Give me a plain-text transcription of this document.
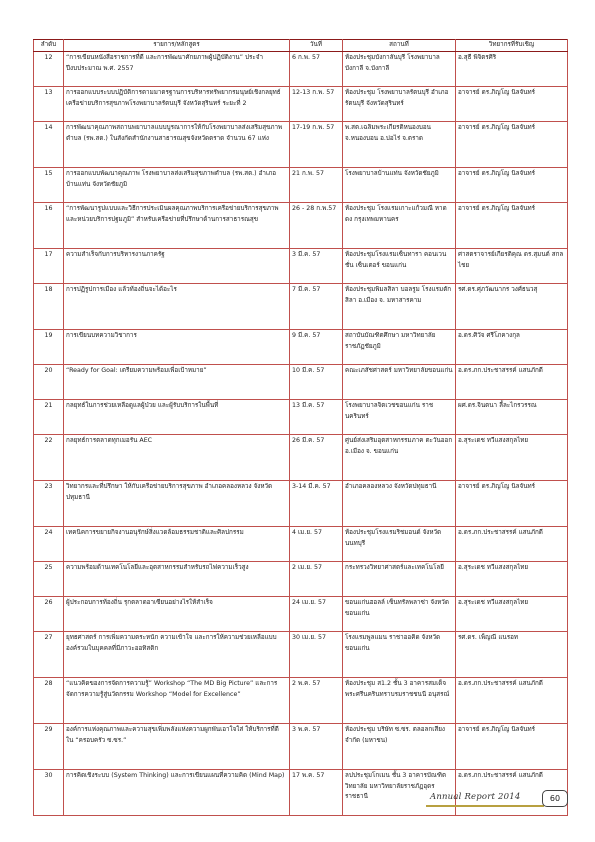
ลำดับ	รายการ/หลักสูตร	วันที่	สถานที่	วิทยากรที่รับเชิญ
12	“การเขียนหนังสือราชการที่ดี และการพัฒนาศักยภาพผู้ปฏิบัติงาน” ประจำปีงบประมาณ พ.ศ. 2557	6 ก.พ. 57	ห้องประชุมบังกาลันบุรี โรงพยาบาลบังกาลี จ.บังกาลี	อ.สุธี พิจิตรศิริ
13	การออกแบบระบบปฏิบัติการตามมาตรฐานการบริหารทรัพยากรมนุษย์เชิงกลยุทธ์ เครือข่ายบริการสุขภาพโรงพยาบาลรัตนบุรี จังหวัดสุรินทร์ ระยะที่ 2	12-13 ก.พ. 57	ห้องประชุม โรงพยาบาลรัตนบุรี อำเภอรัตนบุรี จังหวัดสุรินทร์	อาจารย์ ดร.ภิญโญ นิลจันทร์
14	การพัฒนาคุณภาพสถานพยาบาลแบบบูรณาการให้กับโรงพยาบาลส่งเสริมสุขภาพตำบล (รพ.สต.) ในสังกัดสำนักงานสาธารณสุขจังหวัดตราด จำนวน 67 แห่ง	17-19 ก.พ. 57	พ.สต.เฉลิมพระเกียรติหนองบอน จ.หนองบอน อ.บ่อไร่ จ.ตราด	อาจารย์ ดร.ภิญโญ นิลจันทร์
15	การออกแบบพัฒนาคุณภาพ โรงพยาบาลส่งเสริมสุขภาพตำบล (รพ.สต.) อำเภอบ้านแท่น จังหวัดชัยภูมิ	21 ก.พ. 57	โรงพยาบาลบ้านแท่น จังหวัดชัยภูมิ	อาจารย์ ดร.ภิญโญ นิลจันทร์
16	“การพัฒนารูปแบบและวิธีการประเมินผลคุณภาพบริการเครือข่ายบริการสุขภาพและหน่วยบริการปฐมภูมิ” สำหรับเครือข่ายที่ปรึกษาด้านการสาธารณสุข	26 - 28 ก.พ.57	ห้องประชุม โรงแรมเกาะแก้วมณี หาดดง กรุงเทพมหานคร	อาจารย์ ดร.ภิญโญ นิลจันทร์
17	ความสำเร็จกับการบริหารงานภาครัฐ	3 มี.ค. 57	ห้องประชุมโรงแรมเซ็นทารา คอนเวนชั่น เซ็นเตอร์ ขอนแก่น	ศาสตราจารย์เกียรติคุณ ดร.สุมนต์ สกลไชย
18	การปฏิรูปการเมือง แล้วท้องถิ่นจะได้อะไร	7 มี.ค. 57	ห้องประชุมพิมลสิลา บอลรูม โรงแรมตักสิลา อ.เมือง จ. มหาสารคาม	รศ.ดร.ศุภวัฒนากร วงศ์ธนวสุ
19	การเขียนบทความวิชาการ	9 มี.ค. 57	สถาบันบัณฑิตศึกษา มหาวิทยาลัยราชภัฏชัยภูมิ	อ.ดร.ศิวัจ ศรีโภคางกุล
20	“Ready for Goal: เตรียมความพร้อมเพื่อเป้าหมาย”	10 มี.ค. 57	คณะเภสัชศาสตร์ มหาวิทยาลัยขอนแก่น	อ.ดร.ภก.ประชาสรรค์ แสนภักดี
21	กลยุทธ์ในการช่วยเหลือดูแลผู้ป่วย และผู้รับบริการในพื้นที่	13 มี.ค. 57	โรงพยาบาลจิตเวชขอนแก่น ราชนครินทร์	ผศ.ดร.จินตนา ลี้ละไกรวรรณ
22	กลยุทธ์การตลาดทุกเมอรัน AEC	26 มี.ค. 57	ศูนย์ส่งเสริมอุตสาหกรรมภาค ตะวันออก อ.เมือง จ. ขอนแก่น	อ.สุระเดช ทวีแสงสกุลไทย
23	วิทยากรและที่ปรึกษา ให้กับเครือข่ายบริการสุขภาพ อำเภอคลองหลวง จังหวัดปทุมธานี	3-14 มี.ค. 57	อำเภอคลองหลวง จังหวัดปทุมธานี	อาจารย์ ดร.ภิญโญ นิลจันทร์
24	เทคนิคการขยายกิจงานอนุรักษ์สิ่งแวดล้อมธรรมชาติและศิลปกรรม	4 เม.ย. 57	ห้องประชุมโรงแรมริชมอนด์ จังหวัดนนทบุรี	อ.ดร.ภก.ประชาสรรค์ แสนภักดี
25	ความพร้อมด้านเทคโนโลยีและอุตสาหกรรมสำหรับรถไฟความเร็วสูง	2 เม.ย. 57	กระทรวงวิทยาศาสตร์และเทคโนโลยี	อ.สุระเดช ทวีแสงสกุลไทย
26	ผู้ประกอบการท้องถิ่น รุกตลาดอาเซียนอย่างไรให้สำเร็จ	24 เม.ย. 57	ขอนแก่นฮอลล์ เซ็นทรัลพลาซ่า จังหวัดขอนแก่น	อ.สุระเดช ทวีแสงสกุลไทย
27	ยุทธศาสตร์ การเพิ่มความตระหนัก ความเข้าใจ และการให้ความช่วยเหลือแบบองค์รวมในบุคคลที่มีภาวะออทิสติก	30 เม.ย. 57	โรงแรมพูลแมน ราชาออคิด จังหวัดขอนแก่น	รศ.ดร. เพ็ญณี แนรอท
28	“แนวคิดของการจัดการความรู้” Workshop “The MD Big Picture” และการจัดการความรู้สู่นวัตกรรม Workshop “Model for Excellence”	2 พ.ค. 57	ห้องประชุม ส1.2 ชั้น 3 อาคารสมเด็จพระศรีนครินทราบรมราชชนนี อนุสรณ์	อ.ดร.ภก.ประชาสรรค์ แสนภักดี
29	องค์การแห่งคุณภาพและความสุขเพิ่มพลังแห่งความผูกพันเอาใจใส่ ให้บริการที่ดี ใน “ครอบครัว ซ.ซร.”	3 พ.ค. 57	ห้องประชุม บริษัท ซ.ซร. ตลอลกเสียง จำกัด (มหาชน)	อาจารย์ ดร.ภิญโญ นิลจันทร์
30	การคิดเชิงระบบ (System Thinking) และการเขียนแผนที่ความคิด (Mind Map)	17 พ.ค. 57	ลปประชุมโกเมน ชั้น 3 อาคารบัณฑิตวิทยาลัย มหาวิทยาลัยราชภัฏอุดรราชธานี	อ.ดร.ภก.ประชาสรรค์ แสนภักดี
Annual Report 2014	60
